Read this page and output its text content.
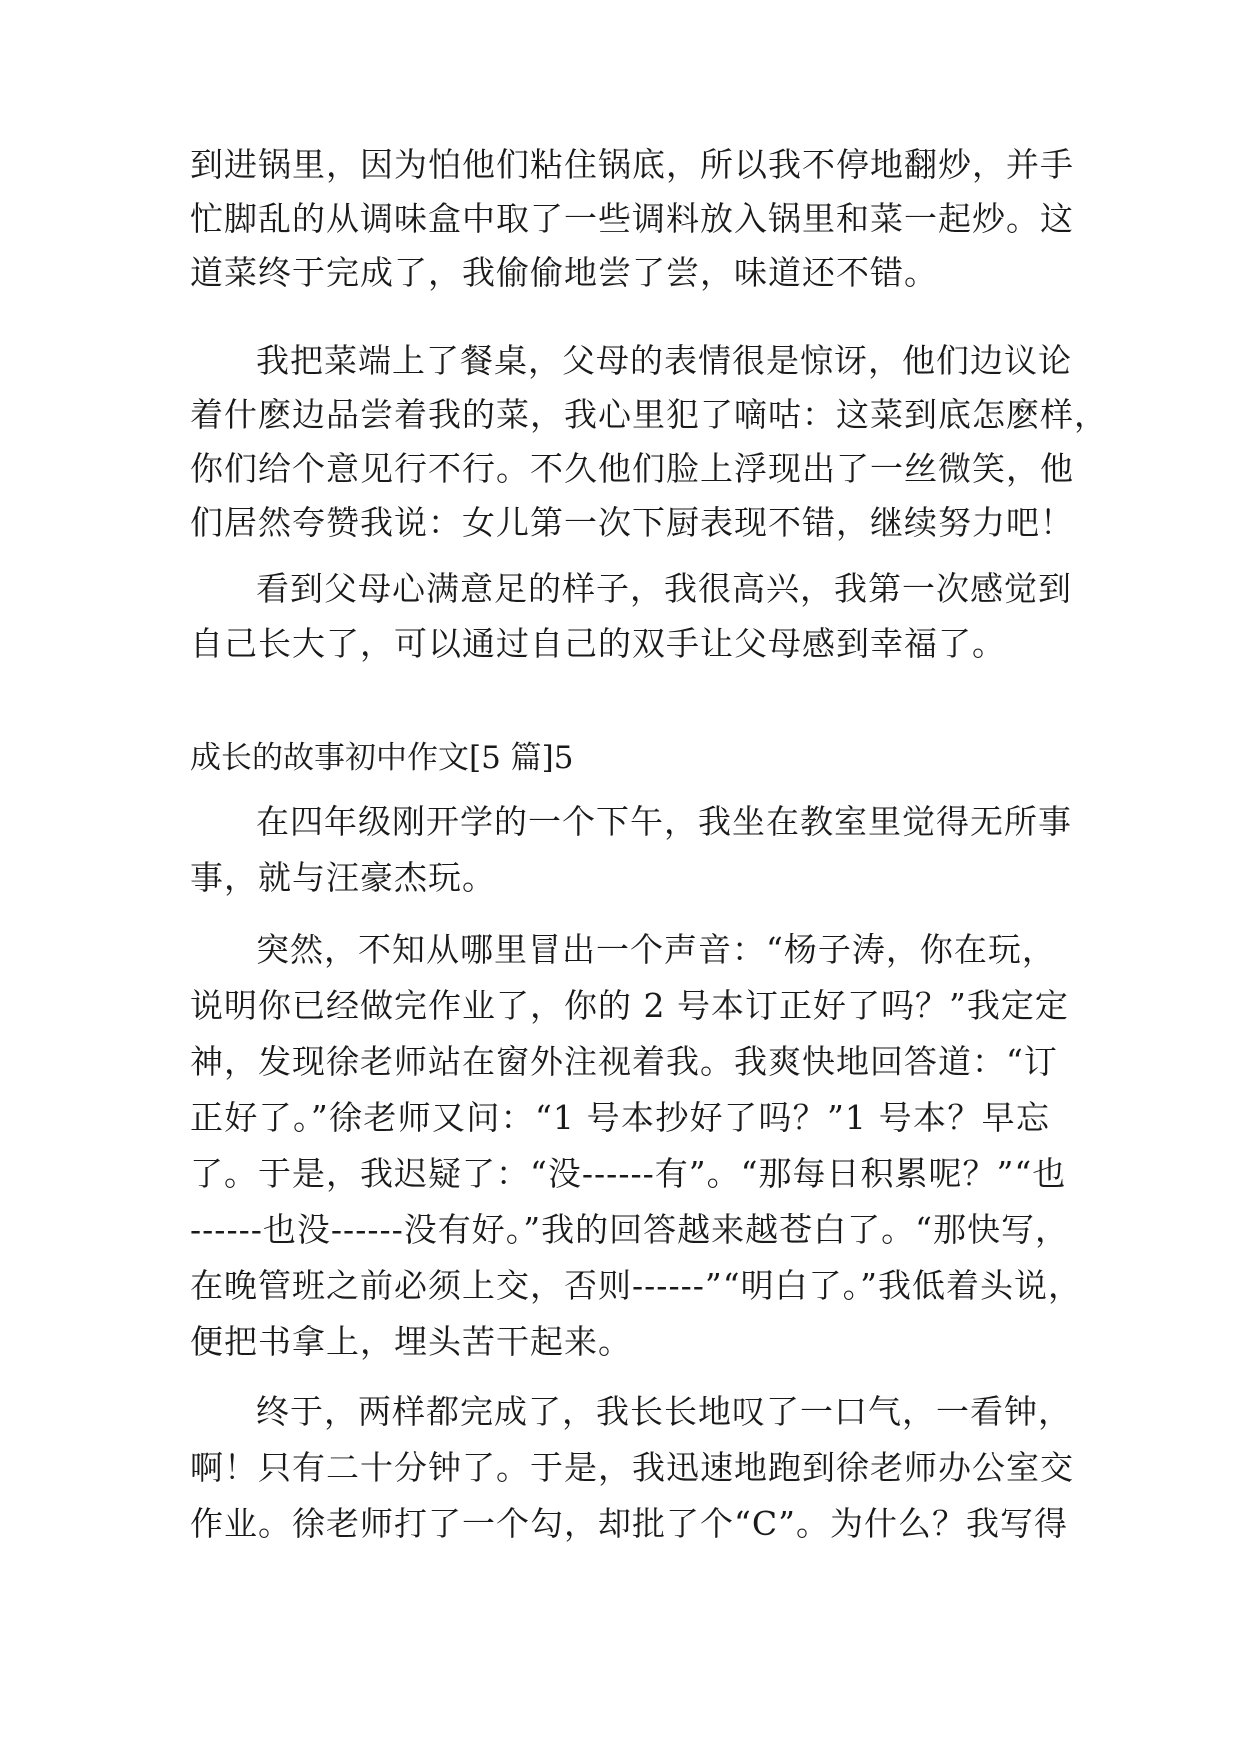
到进锅里，因为怕他们粘住锅底，所以我不停地翻炒，并手
忙脚乱的从调味盒中取了一些调料放入锅里和菜一起炒。这
道菜终于完成了，我偷偷地尝了尝，味道还不错。
我把菜端上了餐桌，父母的表情很是惊讶，他们边议论
着什麽边品尝着我的菜，我心里犯了嘀咕：这菜到底怎麽样，
你们给个意见行不行。不久他们脸上浮现出了一丝微笑，他
们居然夸赞我说：女儿第一次下厨表现不错，继续努力吧！
看到父母心满意足的样子，我很高兴，我第一次感觉到
自己长大了，可以通过自己的双手让父母感到幸福了。
成长的故事初中作文[5 篇]5
在四年级刚开学的一个下午，我坐在教室里觉得无所事
事，就与汪豪杰玩。
突然，不知从哪里冒出一个声音：“杨子涛，你在玩，
说明你已经做完作业了，你的 2 号本订正好了吗？”我定定
神，发现徐老师站在窗外注视着我。我爽快地回答道：“订
正好了。”徐老师又问：“1 号本抄好了吗？”1 号本？早忘
了。于是，我迟疑了：“没------有”。“那每日积累呢？”“也
------也没------没有好。”我的回答越来越苍白了。“那快写，
在晚管班之前必须上交，否则------”“明白了。”我低着头说，
便把书拿上，埋头苦干起来。
终于，两样都完成了，我长长地叹了一口气，一看钟，
啊！只有二十分钟了。于是，我迅速地跑到徐老师办公室交
作业。徐老师打了一个勾，却批了个“C”。为什么？我写得
